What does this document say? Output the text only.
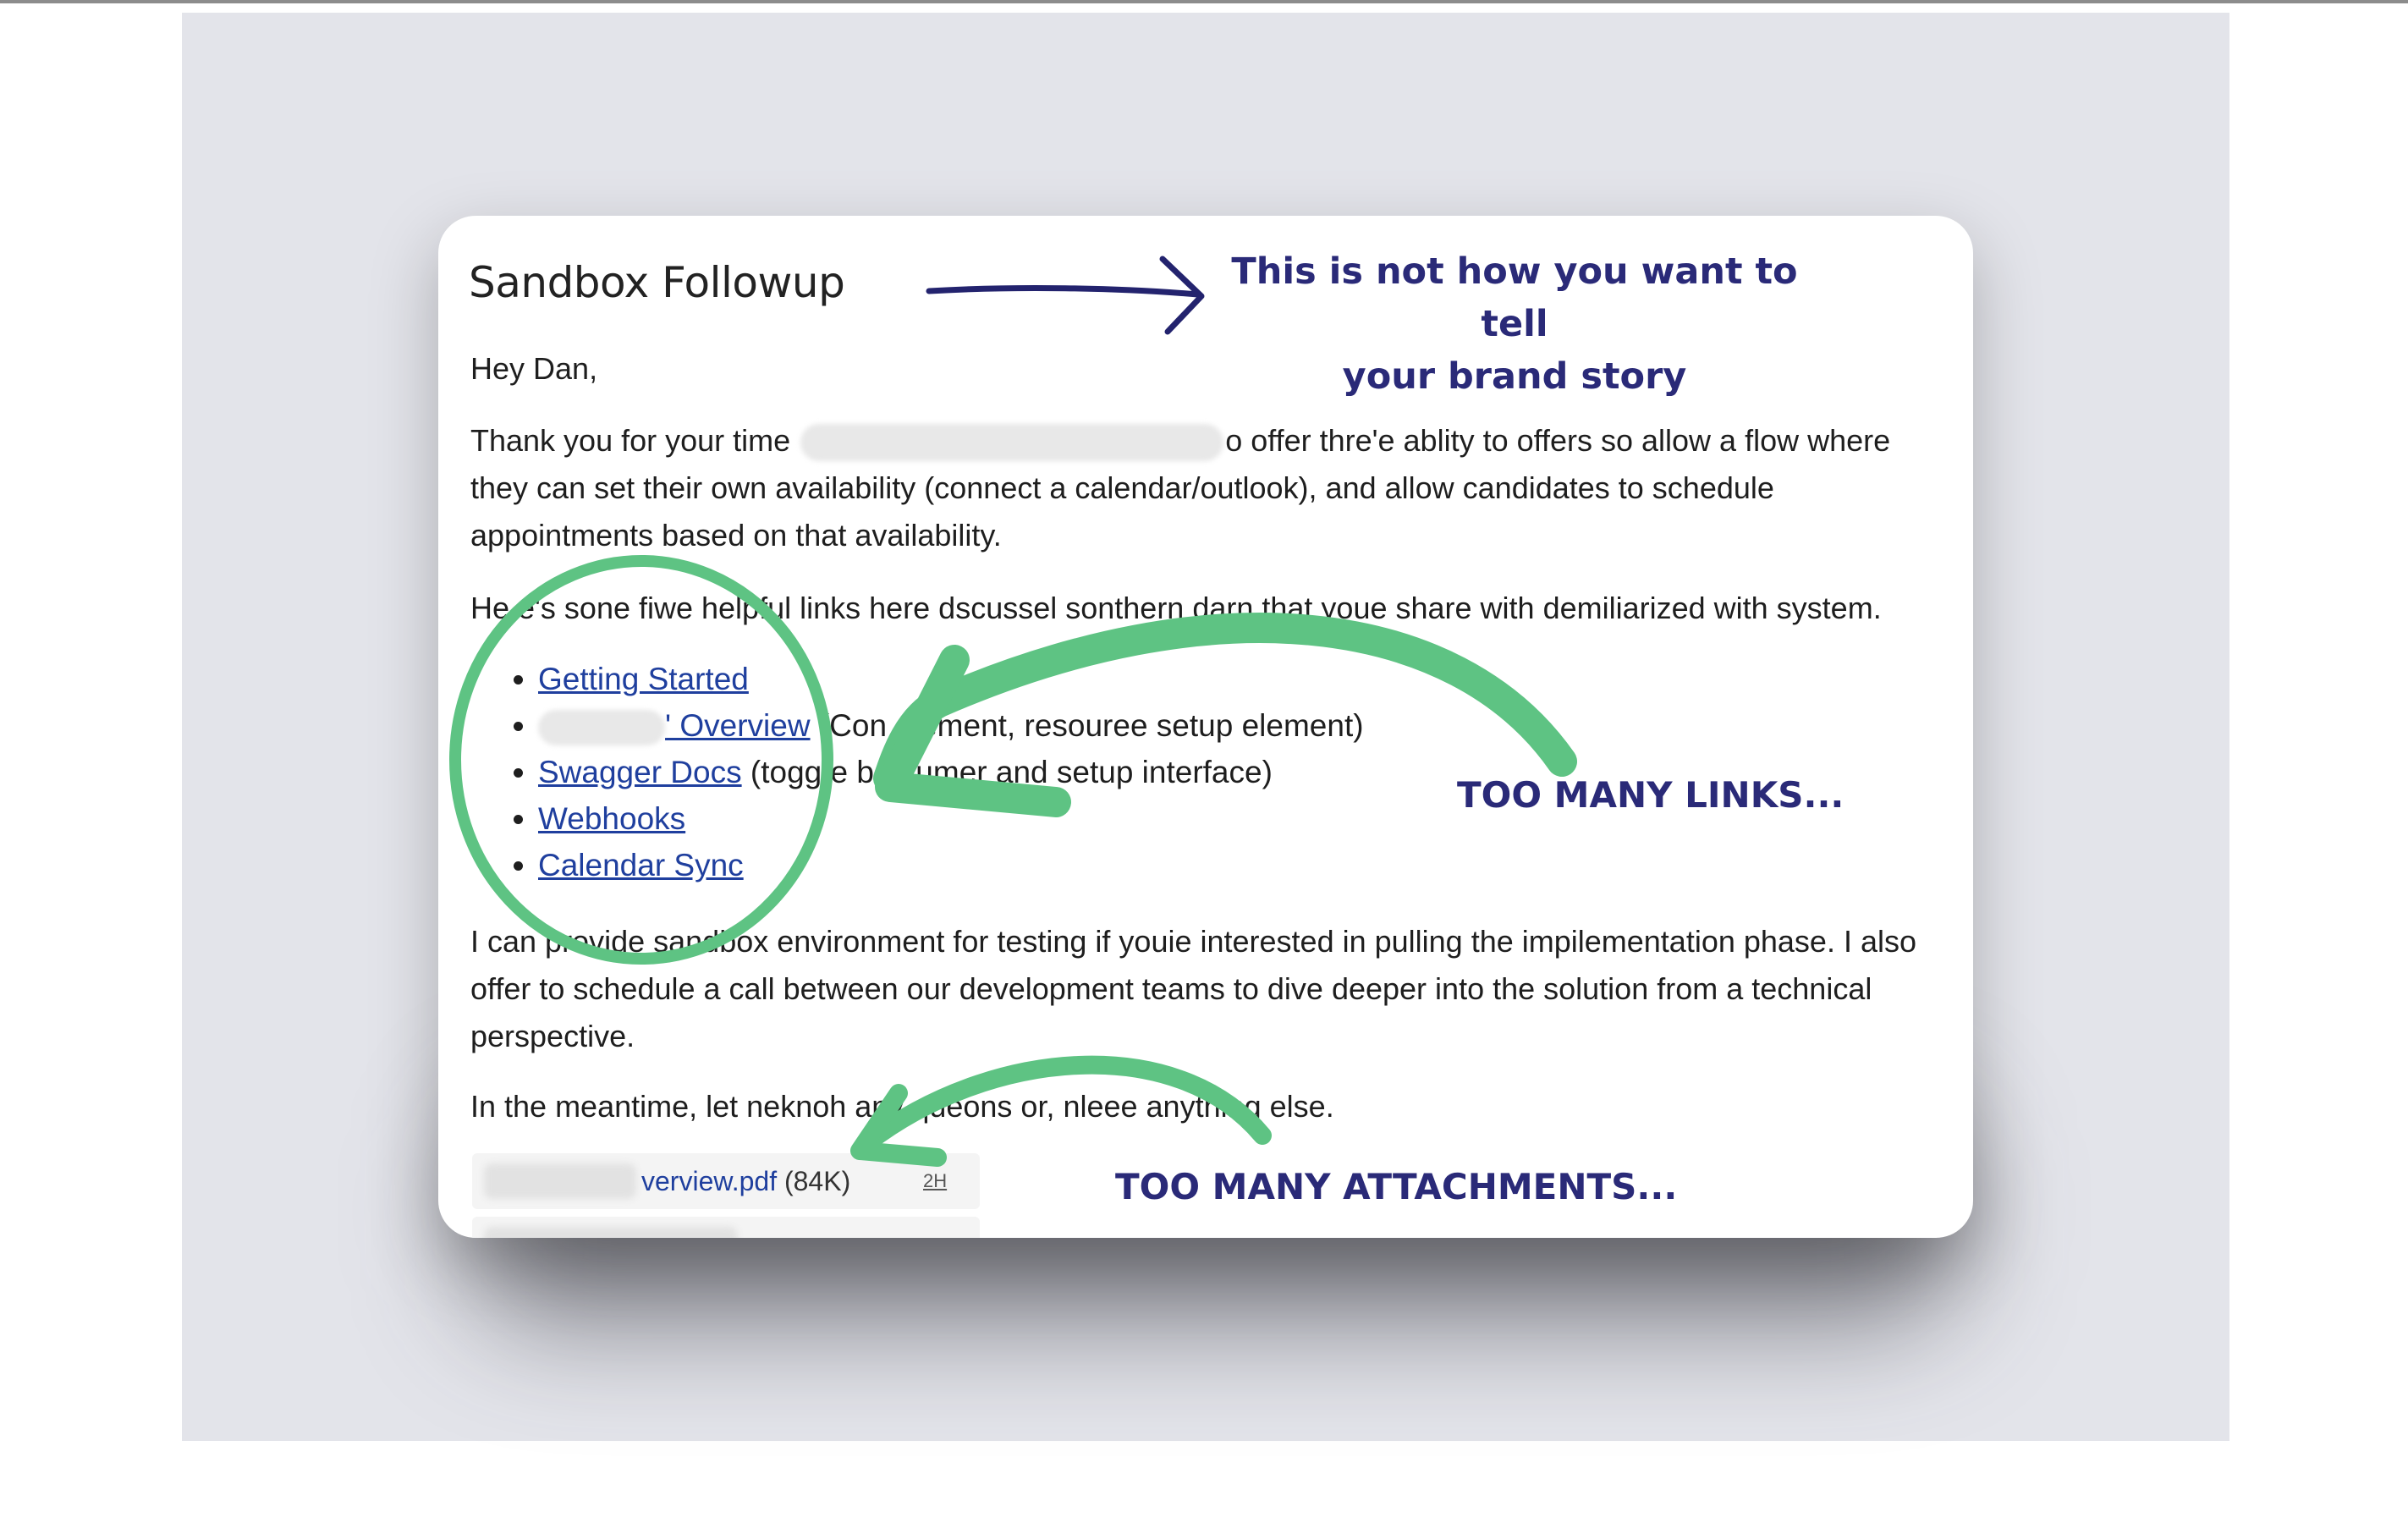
Sandbox Followup
Hey Dan,
Thank you for your time	o offer thre'e ablity to offers so allow a flow where they can set their own availability (connect a calendar/outlook), and allow candidates to schedule appointments based on that availability.
He e's sone fiwe helpful links here dscussel sonthern darn that youe share with demiliarized with system.
• Getting Started
• ' Overview (Con element, resouree setup element)
• Swagger Docs (togg e b nsumer and setup interface)
• Webhooks
• Calendar Sync
I can provide sandbox environment for testing if youie interested in pulling the impilementation phase. I also offer to schedule a call between our development teams to dive deeper into the solution from a technical perspective.
In the meantime, let neknoh any quėons or, nleee anything else.
verview.pdf (84K)	2H
This is not how you want to tell
your brand story
TOO MANY LINKS...
TOO MANY ATTACHMENTS...
